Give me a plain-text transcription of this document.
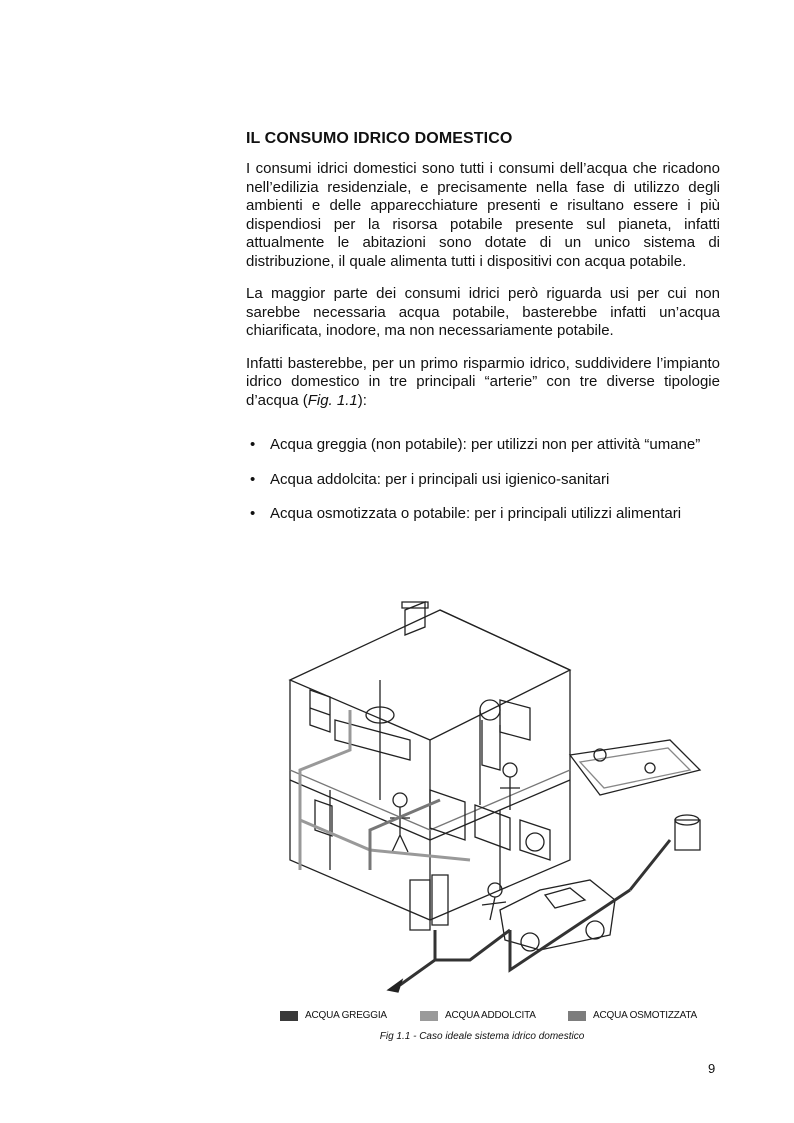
IL CONSUMO IDRICO DOMESTICO

I consumi idrici domestici sono tutti i consumi dell’acqua che ricadono nell’edilizia residenziale, e precisamente nella fase di utilizzo degli ambienti e delle apparecchiature presenti e risultano essere i più dispendiosi per la risorsa potabile presente sul pianeta, infatti attualmente le abitazioni sono dotate di un unico sistema di distribuzione, il quale alimenta tutti i dispositivi con acqua potabile.

La maggior parte dei consumi idrici però riguarda usi per cui non sarebbe necessaria acqua potabile, basterebbe infatti un’acqua chiarificata, inodore, ma non necessariamente potabile.

Infatti basterebbe, per un primo risparmio idrico, suddividere l’impianto idrico domestico in tre principali “arterie” con tre diverse tipologie d’acqua (Fig. 1.1):

• Acqua greggia (non potabile): per utilizzi non per attività “umane”
• Acqua addolcita: per i principali usi igienico-sanitari
• Acqua osmotizzata o potabile: per i principali utilizzi alimentari
ACQUA GREGGIA	ACQUA ADDOLCITA	ACQUA OSMOTIZZATA
Fig 1.1 - Caso ideale sistema idrico domestico
9
